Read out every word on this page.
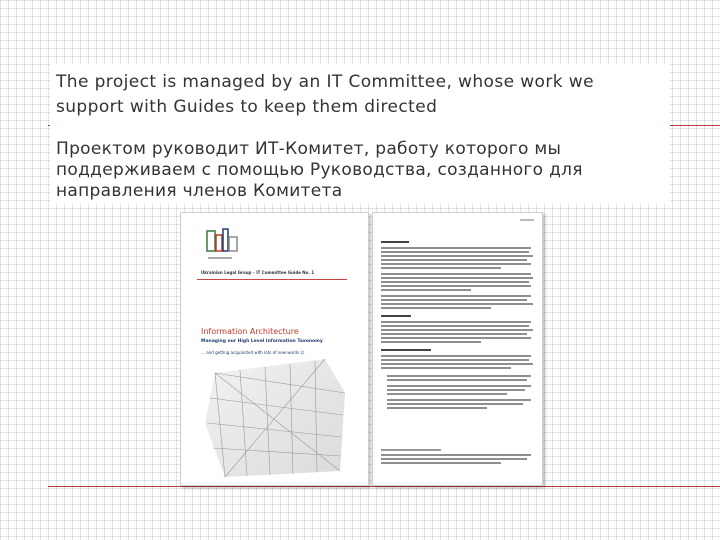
The project is managed by an IT Committee, whose work we support with Guides to keep them directed
Проектом руководит ИТ-Комитет, работу которого мы поддерживаем с помощью Руководства, созданного для направления членов Комитета
Ukrainian Legal Group – IT Committee Guide No. 1
Information Architecture
Managing our High Level Information Taxonomy
… and getting acquainted with lots of new words ☺
